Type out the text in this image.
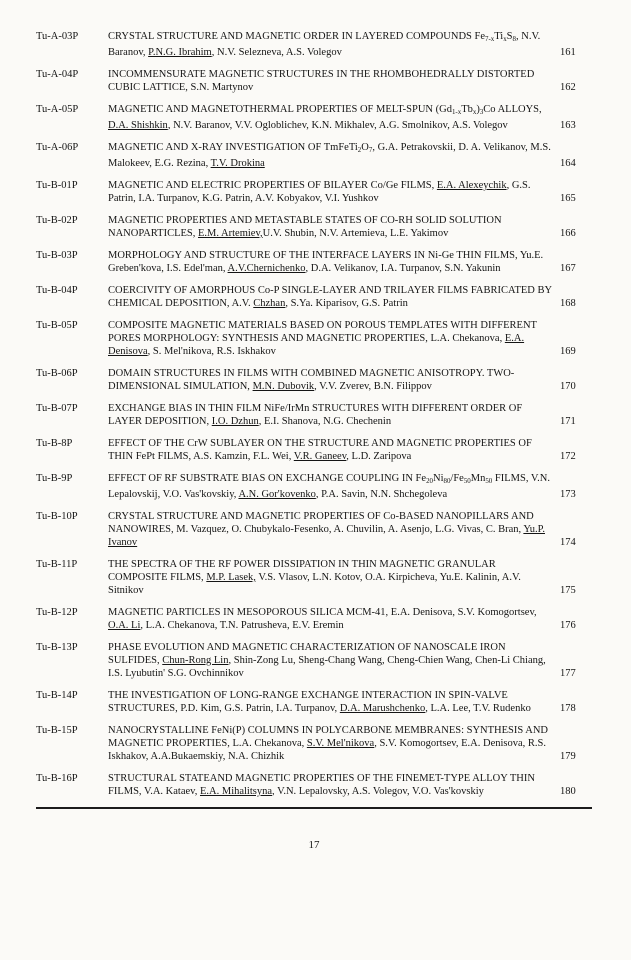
Tu-A-03P	CRYSTAL STRUCTURE AND MAGNETIC ORDER IN LAYERED COMPOUNDS $Fe_{7-x}Ti_xS_8$, N.V. Baranov, P.N.G. Ibrahim, N.V. Selezneva, A.S. Volegov	161
Tu-A-04P	INCOMMENSURATE MAGNETIC STRUCTURES IN THE RHOMBOHEDRALLY DISTORTED CUBIC LATTICE, S.N. Martynov	162
Tu-A-05P	MAGNETIC AND MAGNETOTHERMAL PROPERTIES OF MELT-SPUN $(Gd_{1-x}Tb_x)_3Co$ ALLOYS, D.A. Shishkin, N.V. Baranov, V.V. Ogloblichev, K.N. Mikhalev, A.G. Smolnikov, A.S. Volegov	163
Tu-A-06P	MAGNETIC AND X-RAY INVESTIGATION OF $TmFeTi_2O_7$, G.A. Petrakovskii, D. A. Velikanov, M.S. Malokeev, E.G. Rezina, T.V. Drokina	164
Tu-B-01P	MAGNETIC AND ELECTRIC PROPERTIES OF BILAYER Co/Ge FILMS, E.A. Alexeychik, G.S. Patrin, I.A. Turpanov, K.G. Patrin, A.V. Kobyakov, V.I. Yushkov	165
Tu-B-02P	MAGNETIC PROPERTIES AND METASTABLE STATES OF CO-RH SOLID SOLUTION NANOPARTICLES, E.M. Artemiev,U.V. Shubin, N.V. Artemieva, L.E. Yakimov	166
Tu-B-03P	MORPHOLOGY AND STRUCTURE OF THE INTERFACE LAYERS IN Ni-Ge THIN FILMS, Yu.E. Greben'kova, I.S. Edel'man, A.V.Chernichenko, D.A. Velikanov, I.A. Turpanov, S.N. Yakunin	167
Tu-B-04P	COERCIVITY OF AMORPHOUS Co-P SINGLE-LAYER AND TRILAYER FILMS FABRICATED BY CHEMICAL DEPOSITION, A.V. Chzhan, S.Ya. Kiparisov, G.S. Patrin	168
Tu-B-05P	COMPOSITE MAGNETIC MATERIALS BASED ON POROUS TEMPLATES WITH DIFFERENT PORES MORPHOLOGY: SYNTHESIS AND MAGNETIC PROPERTIES, L.A. Chekanova, E.A. Denisova, S. Mel'nikova, R.S. Iskhakov	169
Tu-B-06P	DOMAIN STRUCTURES IN FILMS WITH COMBINED MAGNETIC ANISOTROPY. TWO-DIMENSIONAL SIMULATION, M.N. Dubovik, V.V. Zverev, B.N. Filippov	170
Tu-B-07P	EXCHANGE BIAS IN THIN FILM NiFe/IrMn STRUCTURES WITH DIFFERENT ORDER OF LAYER DEPOSITION, I.O. Dzhun, E.I. Shanova, N.G. Chechenin	171
Tu-B-8P	EFFECT OF THE CrW SUBLAYER ON THE STRUCTURE AND MAGNETIC PROPERTIES OF THIN FePt FILMS, A.S. Kamzin, F.L. Wei, V.R. Ganeev, L.D. Zaripova	172
Tu-B-9P	EFFECT OF RF SUBSTRATE BIAS ON EXCHANGE COUPLING IN $Fe_{20}Ni_{80}/Fe_{50}Mn_{50}$ FILMS, V.N. Lepalovskij, V.O. Vas'kovskiy, A.N. Gor'kovenko, P.A. Savin, N.N. Shchegoleva	173
Tu-B-10P	CRYSTAL STRUCTURE AND MAGNETIC PROPERTIES OF Co-BASED NANOPILLARS AND NANOWIRES, M. Vazquez, O. Chubykalo-Fesenko, A. Chuvilin, A. Asenjo, L.G. Vivas, C. Bran, Yu.P. Ivanov	174
Tu-B-11P	THE SPECTRA OF THE RF POWER DISSIPATION IN THIN MAGNETIC GRANULAR COMPOSITE FILMS, M.P. Lasek, V.S. Vlasov, L.N. Kotov, O.A. Kirpicheva, Yu.E. Kalinin, A.V. Sitnikov	175
Tu-B-12P	MAGNETIC PARTICLES IN MESOPOROUS SILICA MCM-41, E.A. Denisova, S.V. Komogortsev, O.A. Li, L.A. Chekanova, T.N. Patrusheva, E.V. Eremin	176
Tu-B-13P	PHASE EVOLUTION AND MAGNETIC CHARACTERIZATION OF NANOSCALE IRON SULFIDES, Chun-Rong Lin, Shin-Zong Lu, Sheng-Chang Wang, Cheng-Chien Wang, Chen-Li Chiang, I.S. Lyubutin' S.G. Ovchinnikov	177
Tu-B-14P	THE INVESTIGATION OF LONG-RANGE EXCHANGE INTERACTION IN SPIN-VALVE STRUCTURES, P.D. Kim, G.S. Patrin, I.A. Turpanov, D.A. Marushchenko, L.A. Lee, T.V. Rudenko	178
Tu-B-15P	NANOCRYSTALLINE FeNi(P) COLUMNS IN POLYCARBONE MEMBRANES: SYNTHESIS AND MAGNETIC PROPERTIES, L.A. Chekanova, S.V. Mel'nikova, S.V. Komogortsev, E.A. Denisova, R.S. Iskhakov, A.A.Bukaemskiy, N.A. Chizhik	179
Tu-B-16P	STRUCTURAL STATEAND MAGNETIC PROPERTIES OF THE FINEMET-TYPE ALLOY THIN FILMS, V.A. Kataev, E.A. Mihalitsyna, V.N. Lepalovsky, A.S. Volegov, V.O. Vas'kovskiy	180
17
